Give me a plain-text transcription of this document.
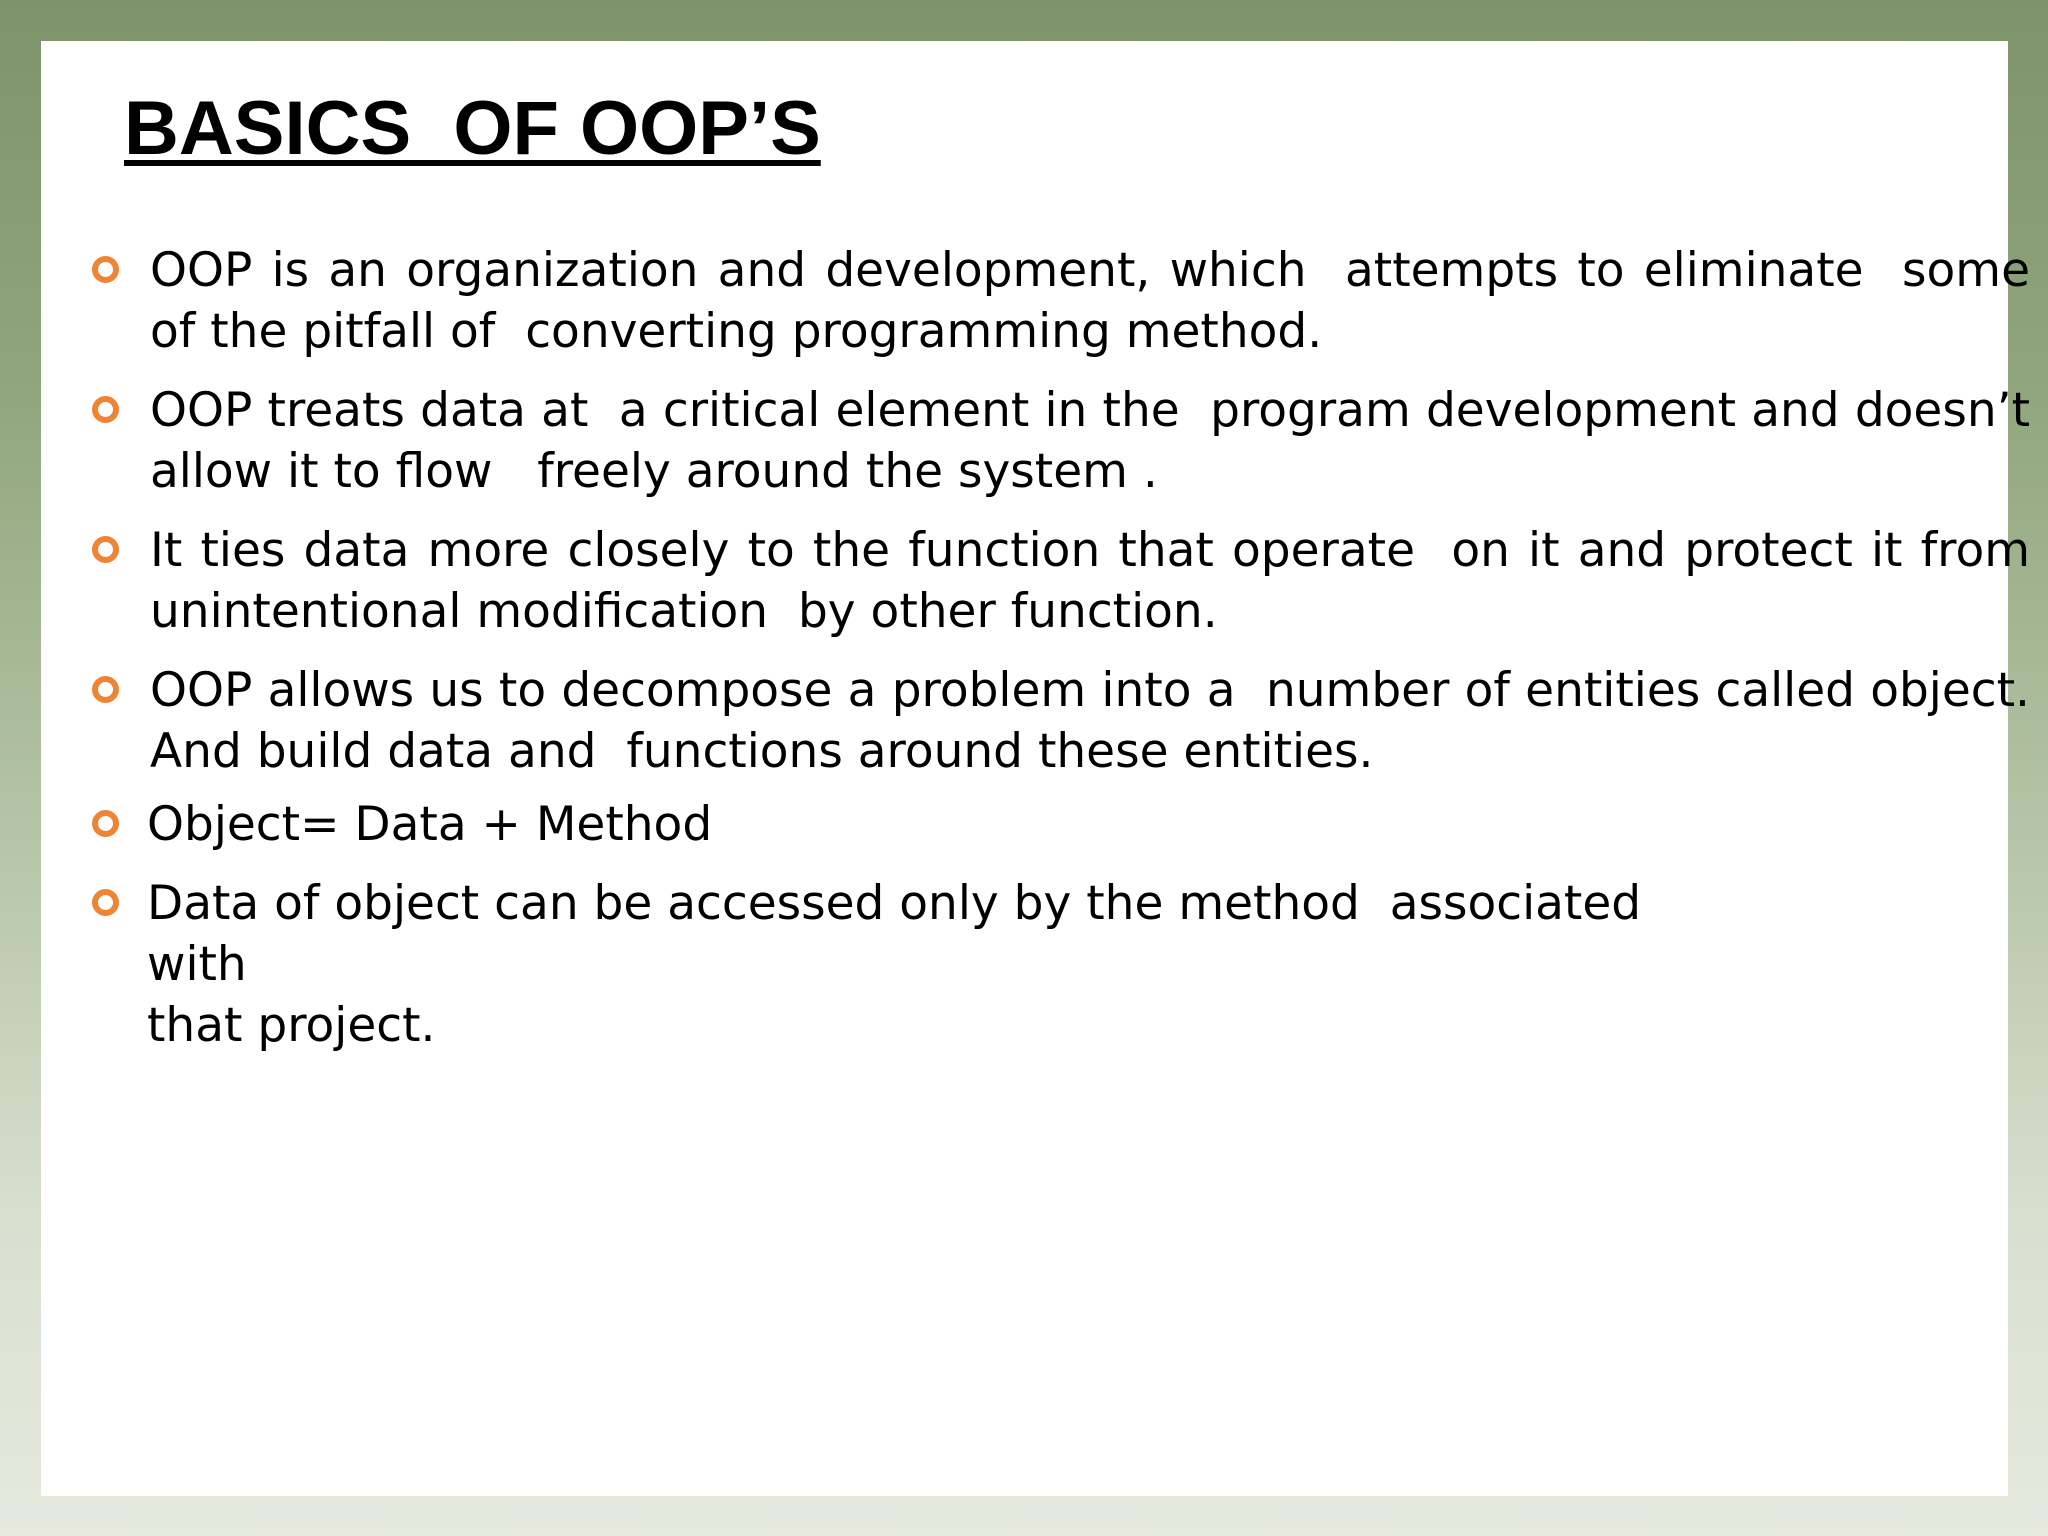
BASICS  OF OOP’S

OOP is an organization and development, which  attempts to eliminate  some of the pitfall of  converting programming method.

OOP treats data at  a critical element in the  program development and doesn’t allow it to flow   freely around the system .

It ties data more closely to the function that operate  on it and protect it from unintentional modification  by other function.

OOP allows us to decompose a problem into a  number of entities called object. And build data and  functions around these entities.

Object= Data + Method

Data of object can be accessed only by the method  associated with
that project.
